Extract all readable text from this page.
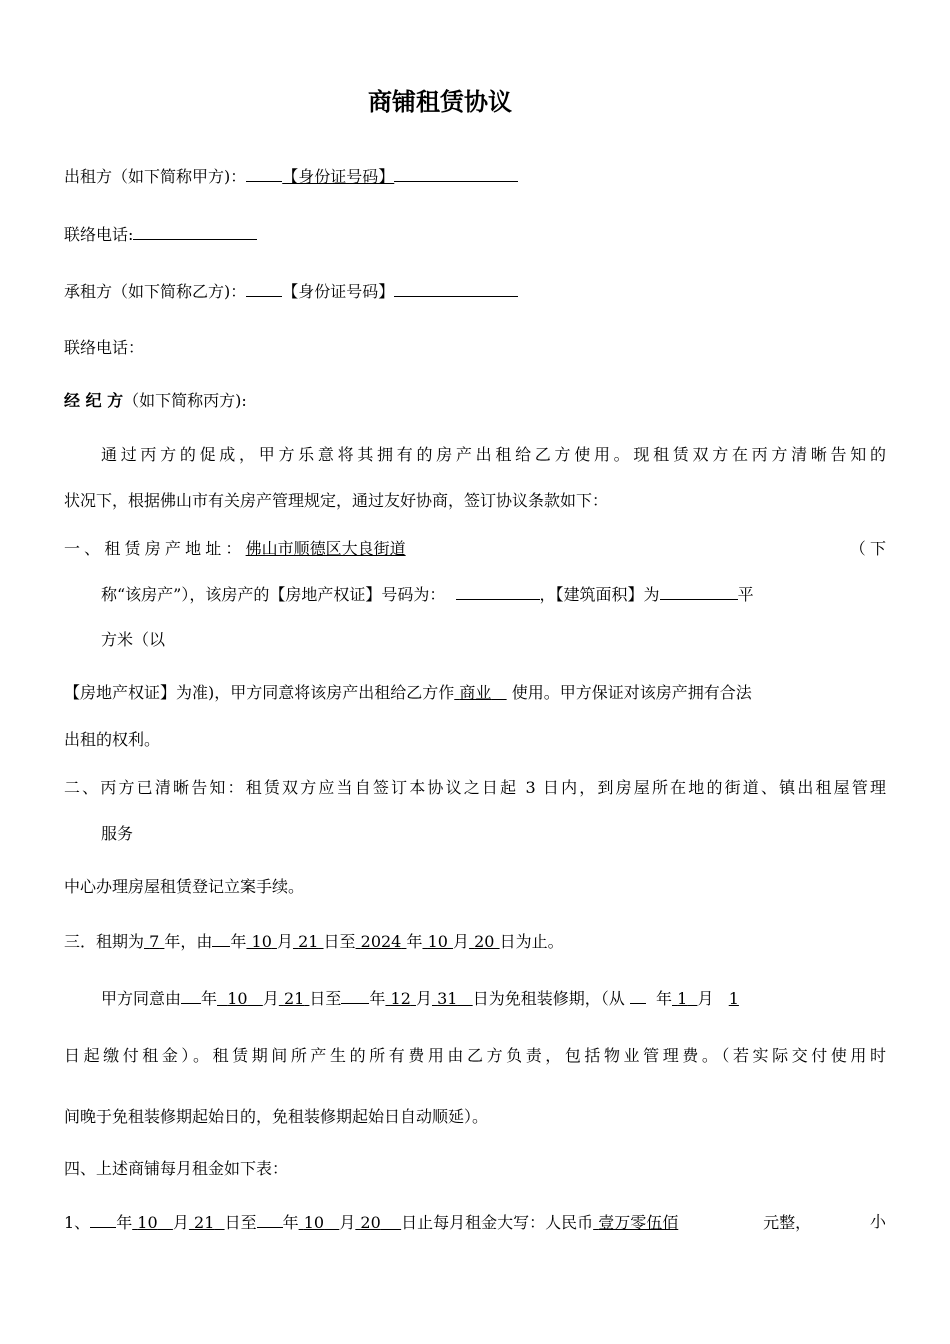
商铺租赁协议
出租方（如下简称甲方)： 【身份证号码】
联络电话:
承租方（如下简称乙方)： 【身份证号码】
联络电话：
经 纪 方（如下简称丙方):
通过丙方的促成，甲方乐意将其拥有的房产出租给乙方使用。现租赁双方在丙方清晰告知的
状况下，根据佛山市有关房产管理规定，通过友好协商，签订协议条款如下：
一、租赁房产地址：佛山市顺德区大良街道	（下
称“该房产”），该房产的【房地产权证】号码为：	，【建筑面积】为	平
方米（以
【房地产权证】为准)，甲方同意将该房产出租给乙方作 商业 使用。甲方保证对该房产拥有合法
出租的权利。
二、丙方已清晰告知：租赁双方应当自签订本协议之日起 3 日内，到房屋所在地的街道、镇出租屋管理
服务
中心办理房屋租赁登记立案手续。
三．租期为 7 年，由 年 10 月 21 日至 2024 年 10 月 20 日为止。
甲方同意由 年 10 月 21 日至 年 12 月 31 日为免租装修期，（从 年 1 月 1
日起缴付租金）。租赁期间所产生的所有费用由乙方负责，包括物业管理费。（若实际交付使用时
间晚于免租装修期起始日的，免租装修期起始日自动顺延）。
四、上述商铺每月租金如下表：
1、 年 10 月 21 日至 年 10 月 20 日止每月租金大写：人民币 壹万零伍佰	元整，	小
